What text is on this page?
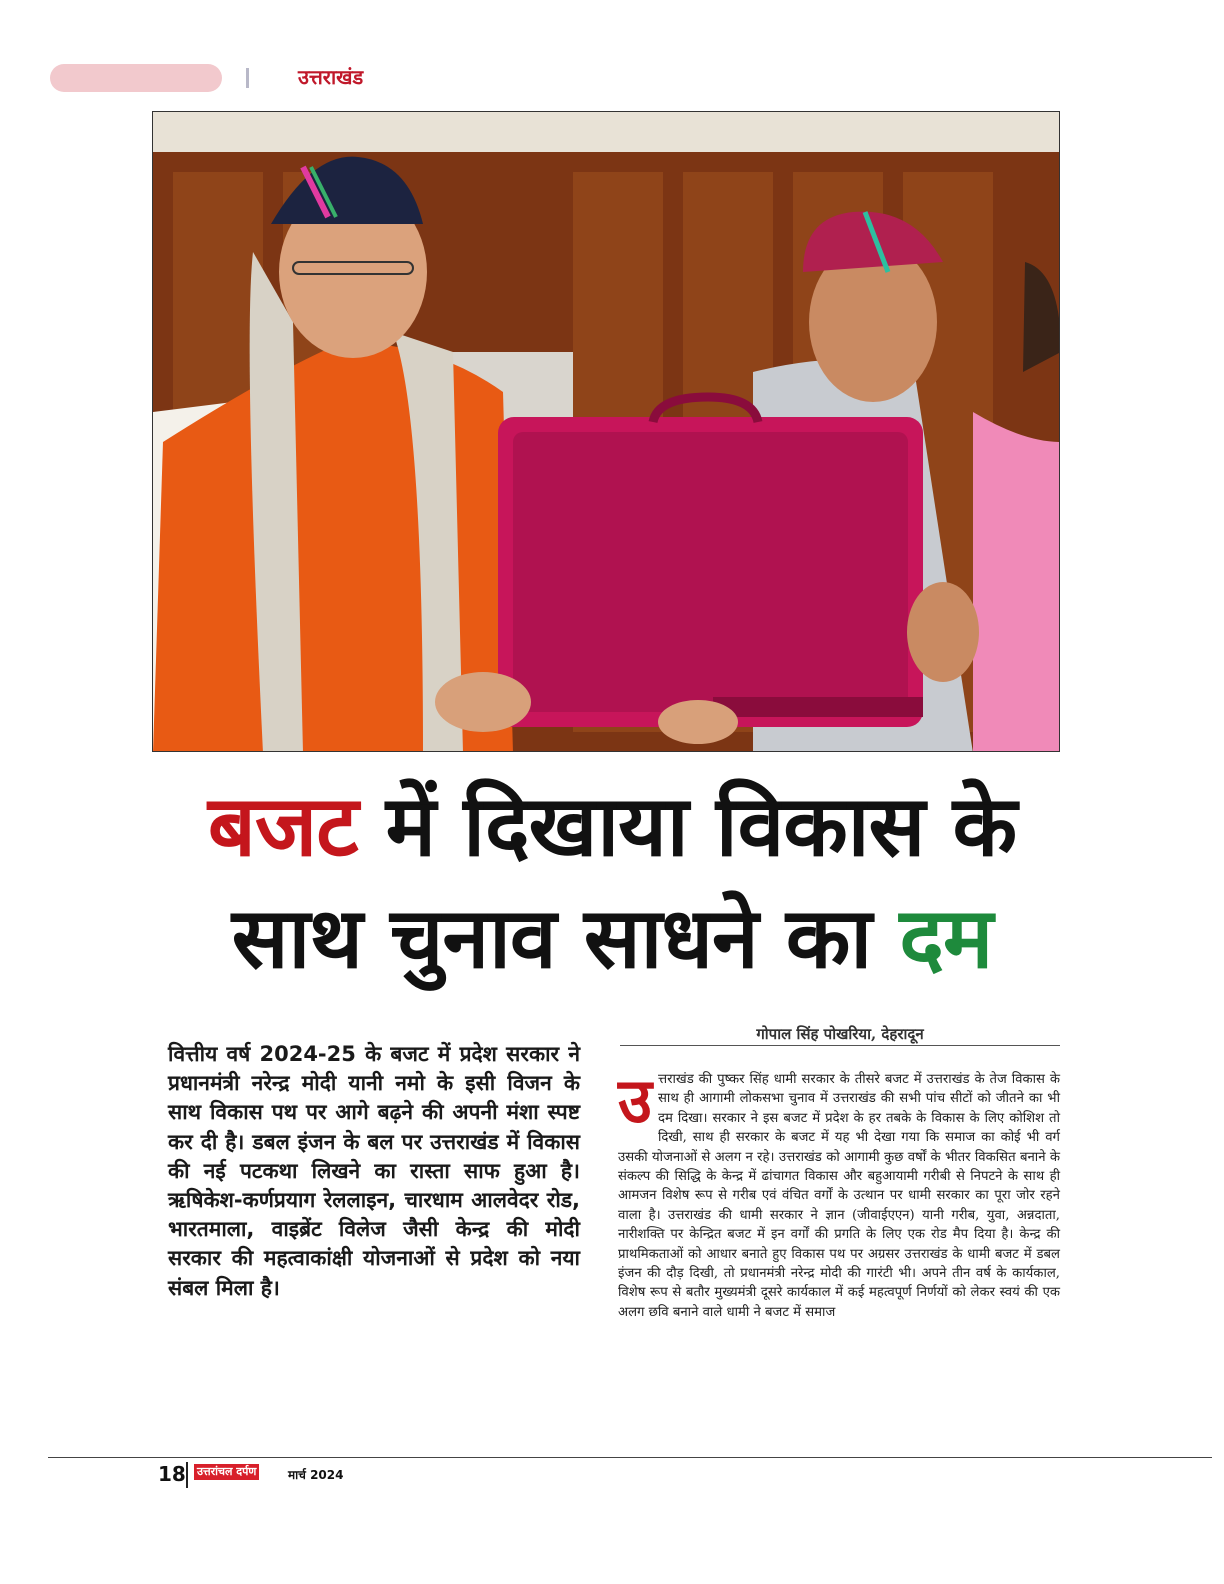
उत्तराखंड
बजट में दिखाया विकास के
साथ चुनाव साधने का दम

वित्तीय वर्ष 2024-25 के बजट में प्रदेश सरकार ने प्रधानमंत्री नरेन्द्र मोदी यानी नमो के इसी विजन के साथ विकास पथ पर आगे बढ़ने की अपनी मंशा स्पष्ट कर दी है। डबल इंजन के बल पर उत्तराखंड में विकास की नई पटकथा लिखने का रास्ता साफ हुआ है। ऋषिकेश-कर्णप्रयाग रेललाइन, चारधाम आलवेदर रोड, भारतमाला, वाइब्रेंट विलेज जैसी केन्द्र की मोदी सरकार की महत्वाकांक्षी योजनाओं से प्रदेश को नया संबल मिला है।

गोपाल सिंह पोखरिया, देहरादून
उ त्तराखंड की पुष्कर सिंह धामी सरकार के तीसरे बजट में उत्तराखंड के तेज विकास के साथ ही आगामी लोकसभा चुनाव में उत्तराखंड की सभी पांच सीटों को जीतने का भी दम दिखा। सरकार ने इस बजट में प्रदेश के हर तबके के विकास के लिए कोशिश तो दिखी, साथ ही सरकार के बजट में यह भी देखा गया कि समाज का कोई भी वर्ग उसकी योजनाओं से अलग न रहे। उत्तराखंड को आगामी कुछ वर्षों के भीतर विकसित बनाने के संकल्प की सिद्धि के केन्द्र में ढांचागत विकास और बहुआयामी गरीबी से निपटने के साथ ही आमजन विशेष रूप से गरीब एवं वंचित वर्गों के उत्थान पर धामी सरकार का पूरा जोर रहने वाला है। उत्तराखंड की धामी सरकार ने ज्ञान (जीवाईएएन) यानी गरीब, युवा, अन्नदाता, नारीशक्ति पर केन्द्रित बजट में इन वर्गों की प्रगति के लिए एक रोड मैप दिया है। केन्द्र की प्राथमिकताओं को आधार बनाते हुए विकास पथ पर अग्रसर उत्तराखंड के धामी बजट में डबल इंजन की दौड़ दिखी, तो प्रधानमंत्री नरेन्द्र मोदी की गारंटी भी। अपने तीन वर्ष के कार्यकाल, विशेष रूप से बतौर मुख्यमंत्री दूसरे कार्यकाल में कई महत्वपूर्ण निर्णयों को लेकर स्वयं की एक अलग छवि बनाने वाले धामी ने बजट में समाज
18 उत्तरांचल दर्पण	मार्च 2024
